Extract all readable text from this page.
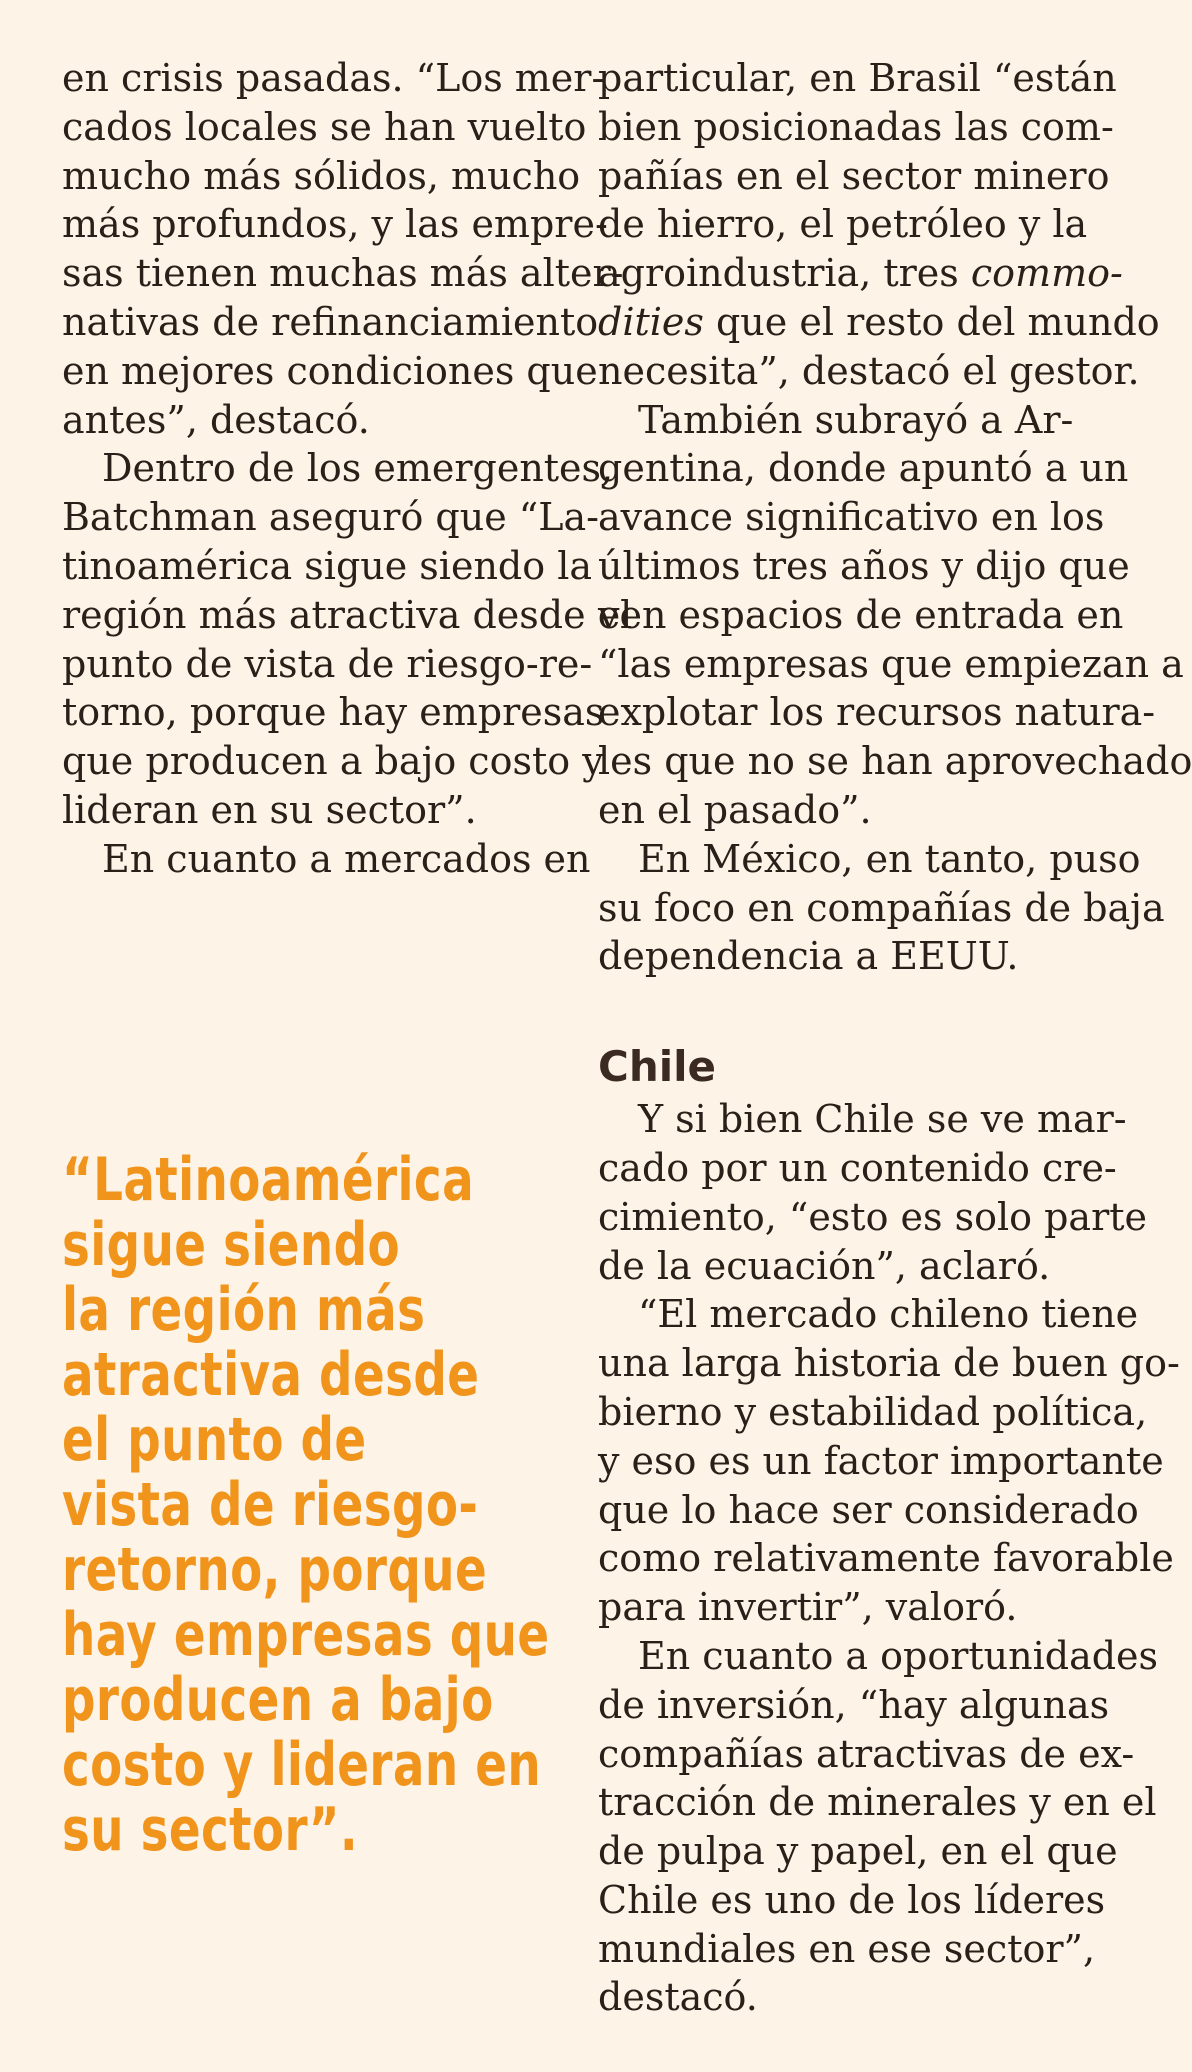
en crisis pasadas. “Los mer-
cados locales se han vuelto
mucho más sólidos, mucho
más profundos, y las empre-
sas tienen muchas más alter-
nativas de refinanciamiento
en mejores condiciones que
antes”, destacó.

Dentro de los emergentes,
Batchman aseguró que “La-
tinoamérica sigue siendo la
región más atractiva desde el
punto de vista de riesgo-re-
torno, porque hay empresas
que producen a bajo costo y
lideran en su sector”.

En cuanto a mercados en

“Latinoamérica
sigue siendo
la región más
atractiva desde
el punto de
vista de riesgo-
retorno, porque
hay empresas que
producen a bajo
costo y lideran en
su sector”.

particular, en Brasil “están
bien posicionadas las com-
pañías en el sector minero
de hierro, el petróleo y la
agroindustria, tres commo-
dities que el resto del mundo
necesita”, destacó el gestor.

También subrayó a Ar-
gentina, donde apuntó a un
avance significativo en los
últimos tres años y dijo que
ven espacios de entrada en
“las empresas que empiezan a
explotar los recursos natura-
les que no se han aprovechado
en el pasado”.

En México, en tanto, puso
su foco en compañías de baja
dependencia a EEUU.

Chile

Y si bien Chile se ve mar-
cado por un contenido cre-
cimiento, “esto es solo parte
de la ecuación”, aclaró.

“El mercado chileno tiene
una larga historia de buen go-
bierno y estabilidad política,
y eso es un factor importante
que lo hace ser considerado
como relativamente favorable
para invertir”, valoró.

En cuanto a oportunidades
de inversión, “hay algunas
compañías atractivas de ex-
tracción de minerales y en el
de pulpa y papel, en el que
Chile es uno de los líderes
mundiales en ese sector”,
destacó.
